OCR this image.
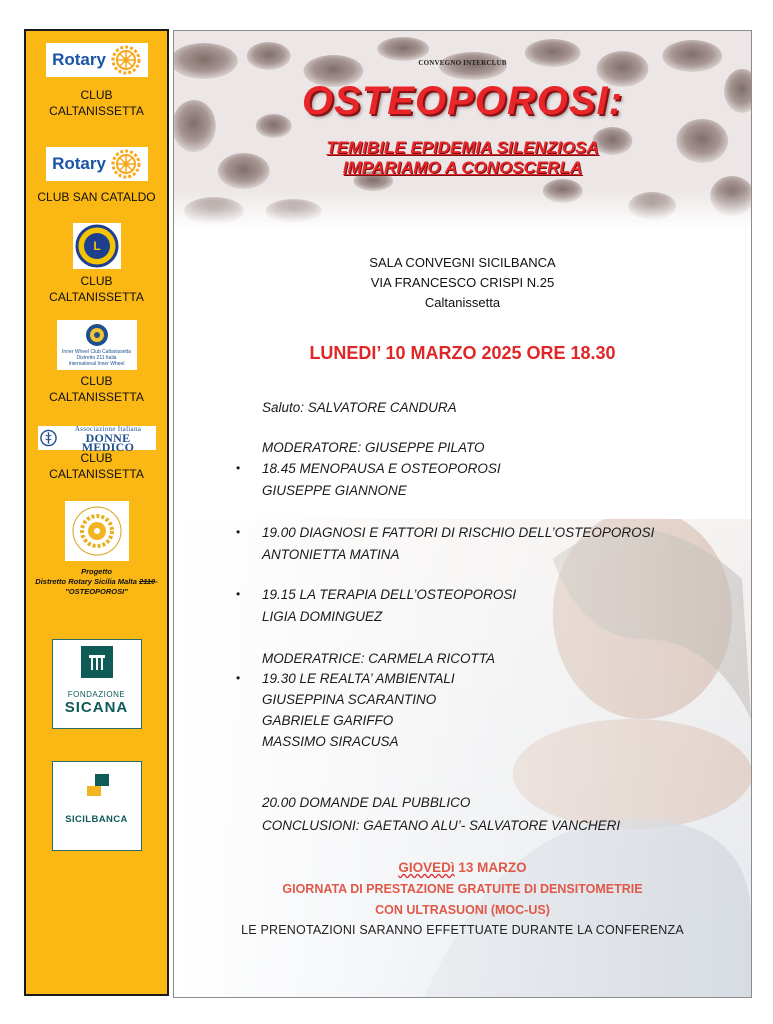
Rotary
CLUB
CALTANISSETTA
Rotary
CLUB SAN CATALDO
L
CLUB
CALTANISSETTA
Inner Wheel Club Caltanissetta
Distretto 211 Italia
International Inner Wheel
CLUB
CALTANISSETTA
Associazione Italiana
DONNE MEDICO
CLUB
CALTANISSETTA
Progetto
Distretto Rotary Sicilia Malta 2110-
"OSTEOPOROSI"
FONDAZIONE
SICANA
SICILBANCA
CONVEGNO INTERCLUB
OSTEOPOROSI:
TEMIBILE EPIDEMIA SILENZIOSA
IMPARIAMO A CONOSCERLA
SALA CONVEGNI SICILBANCA
VIA FRANCESCO CRISPI N.25
Caltanissetta
LUNEDI’ 10 MARZO 2025 ORE 18.30
Saluto: SALVATORE CANDURA
MODERATORE: GIUSEPPE PILATO
• 18.45 MENOPAUSA E OSTEOPOROSI
GIUSEPPE GIANNONE
• 19.00 DIAGNOSI E FATTORI DI RISCHIO DELL’OSTEOPOROSI
ANTONIETTA MATINA
• 19.15 LA TERAPIA DELL’OSTEOPOROSI
LIGIA DOMINGUEZ
MODERATRICE: CARMELA RICOTTA
• 19.30 LE REALTA’ AMBIENTALI
GIUSEPPINA SCARANTINO
GABRIELE GARIFFO
MASSIMO SIRACUSA
20.00 DOMANDE DAL PUBBLICO
CONCLUSIONI: GAETANO ALU’- SALVATORE VANCHERI
GIOVEDì 13 MARZO
GIORNATA DI PRESTAZIONE GRATUITE DI DENSITOMETRIE
CON ULTRASUONI (MOC-US)
LE PRENOTAZIONI SARANNO EFFETTUATE DURANTE LA CONFERENZA
